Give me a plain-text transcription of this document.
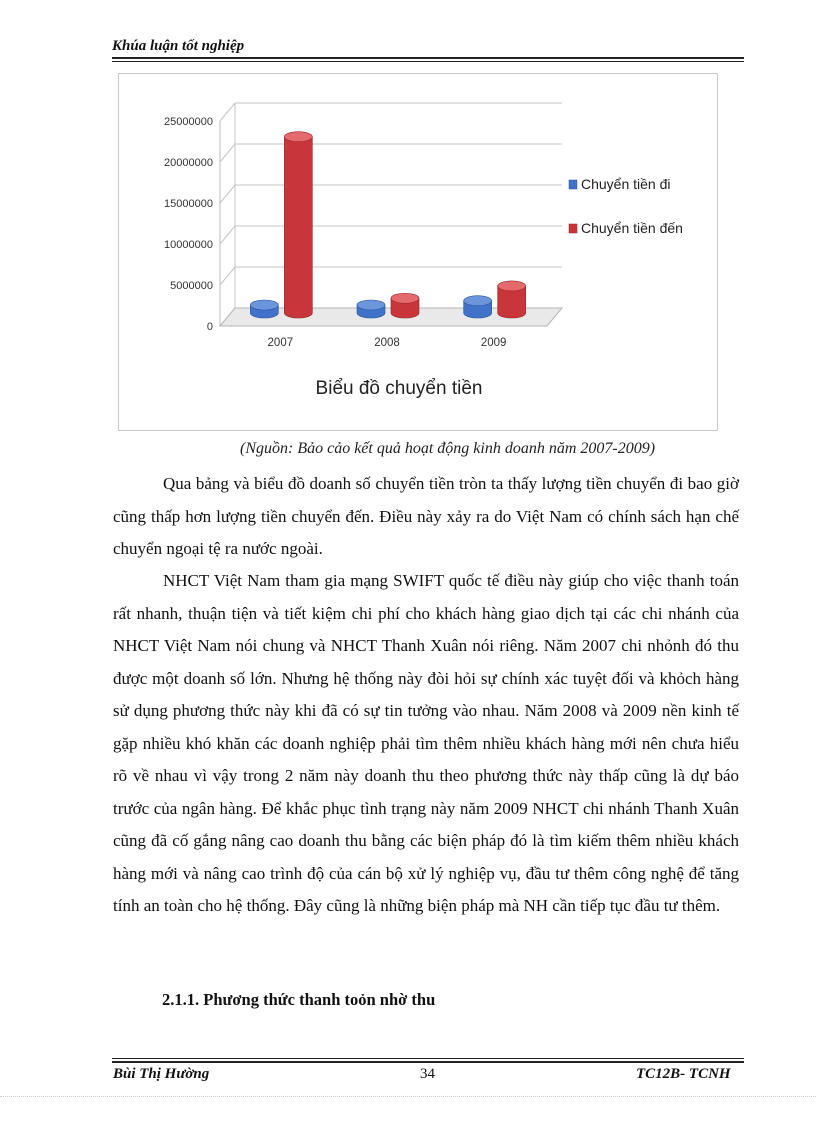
Khúa luận tốt nghiệp
0
5000000
10000000
15000000
20000000
25000000
2007	2008	2009
Chuyển tiền đi
Chuyển tiền đến
Biểu đồ chuyển tiền
(Nguồn: Bảo cảo kết quả hoạt động kinh doanh năm 2007-2009)
Qua bảng và biểu đồ doanh số chuyển tiền tròn ta thấy lượng tiền chuyển đi bao giờ cũng thấp hơn lượng tiền chuyển đến. Điều này xảy ra do Việt Nam có chính sách hạn chế chuyển ngoại tệ ra nước ngoài.
NHCT Việt Nam tham gia mạng SWIFT quốc tế điều này giúp cho việc thanh toán rất nhanh, thuận tiện và tiết kiệm chi phí cho khách hàng giao dịch tại các chi nhánh của NHCT Việt Nam nói chung và NHCT Thanh Xuân nói riêng. Năm 2007 chi nhỏnh đó thu được một doanh số lớn. Nhưng hệ thống này đòi hỏi sự chính xác tuyệt đối và khỏch hàng sử dụng phương thức này khi đã có sự tin tưởng vào nhau. Năm 2008 và 2009 nền kinh tế gặp nhiều khó khăn các doanh nghiệp phải tìm thêm nhiều khách hàng mới nên chưa hiểu rõ về nhau vì vậy trong 2 năm này doanh thu theo phương thức này thấp cũng là dự báo trước của ngân hàng. Để khắc phục tình trạng này năm 2009 NHCT chi nhánh Thanh Xuân cũng đã cố gắng nâng cao doanh thu bằng các biện pháp đó là tìm kiếm thêm nhiều khách hàng mới và nâng cao trình độ của cán bộ xử lý nghiệp vụ, đầu tư thêm công nghệ để tăng tính an toàn cho hệ thống. Đây cũng là những biện pháp mà NH cần tiếp tục đầu tư thêm.
2.1.1. Phương thức thanh toỏn nhờ thu
Bùi Thị Hường	34	TC12B- TCNH
